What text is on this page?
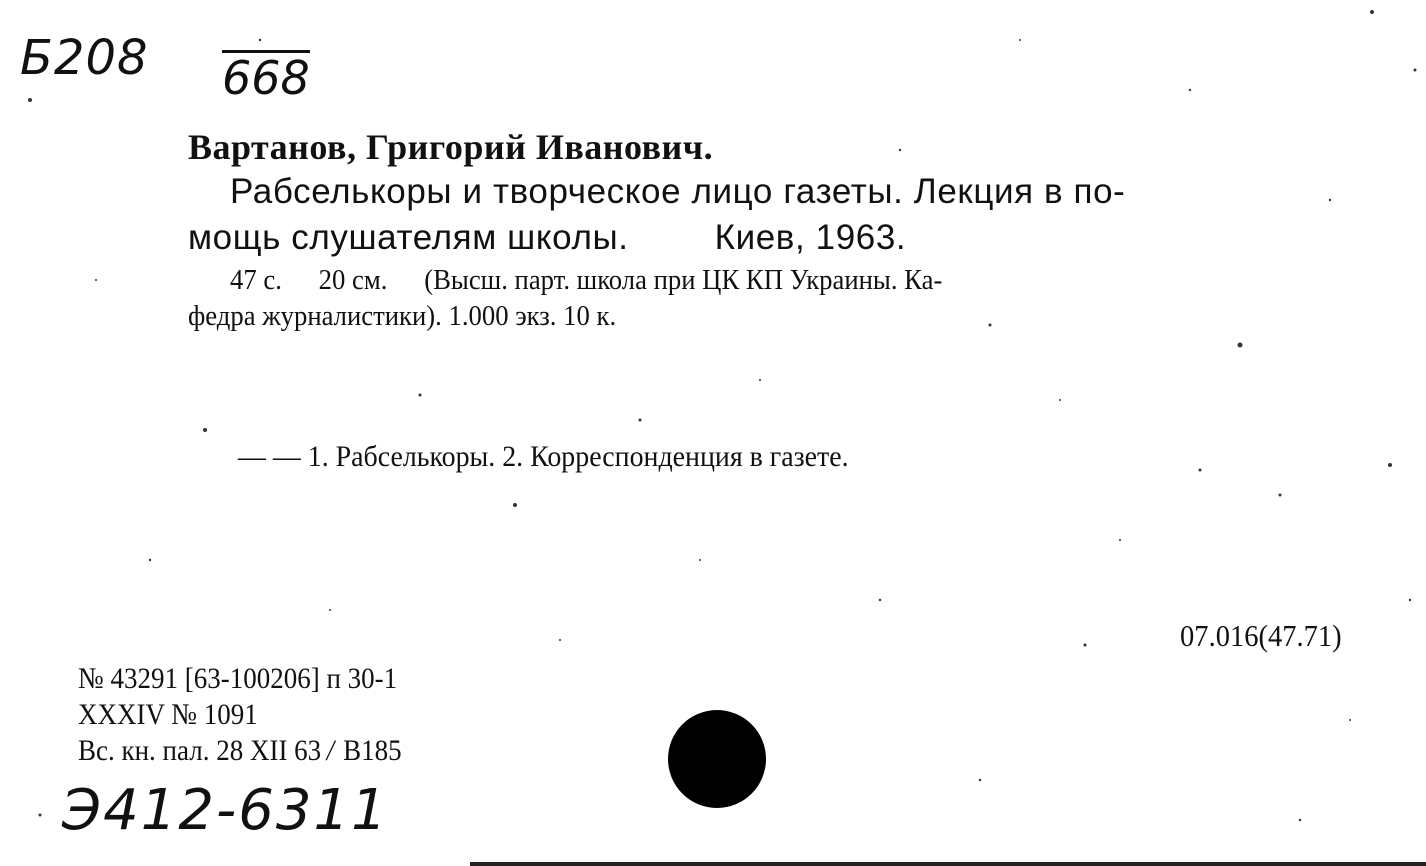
Б208 668
Вартанов, Григорий Иванович.
Рабселькоры и творческое лицо газеты. Лекция в по-
мощь слушателям школы. Киев, 1963.
47 с. 20 см. (Высш. парт. школа при ЦК КП Украины. Ка-
федра журналистики). 1.000 экз. 10 к.
— — 1. Рабселькоры. 2. Корреспонденция в газете.
07.016(47.71)
№ 43291 [63-100206] п 30-1
XXXIV № 1091
Вс. кн. пал. 28 XII 63 / В185
Э412-6311
